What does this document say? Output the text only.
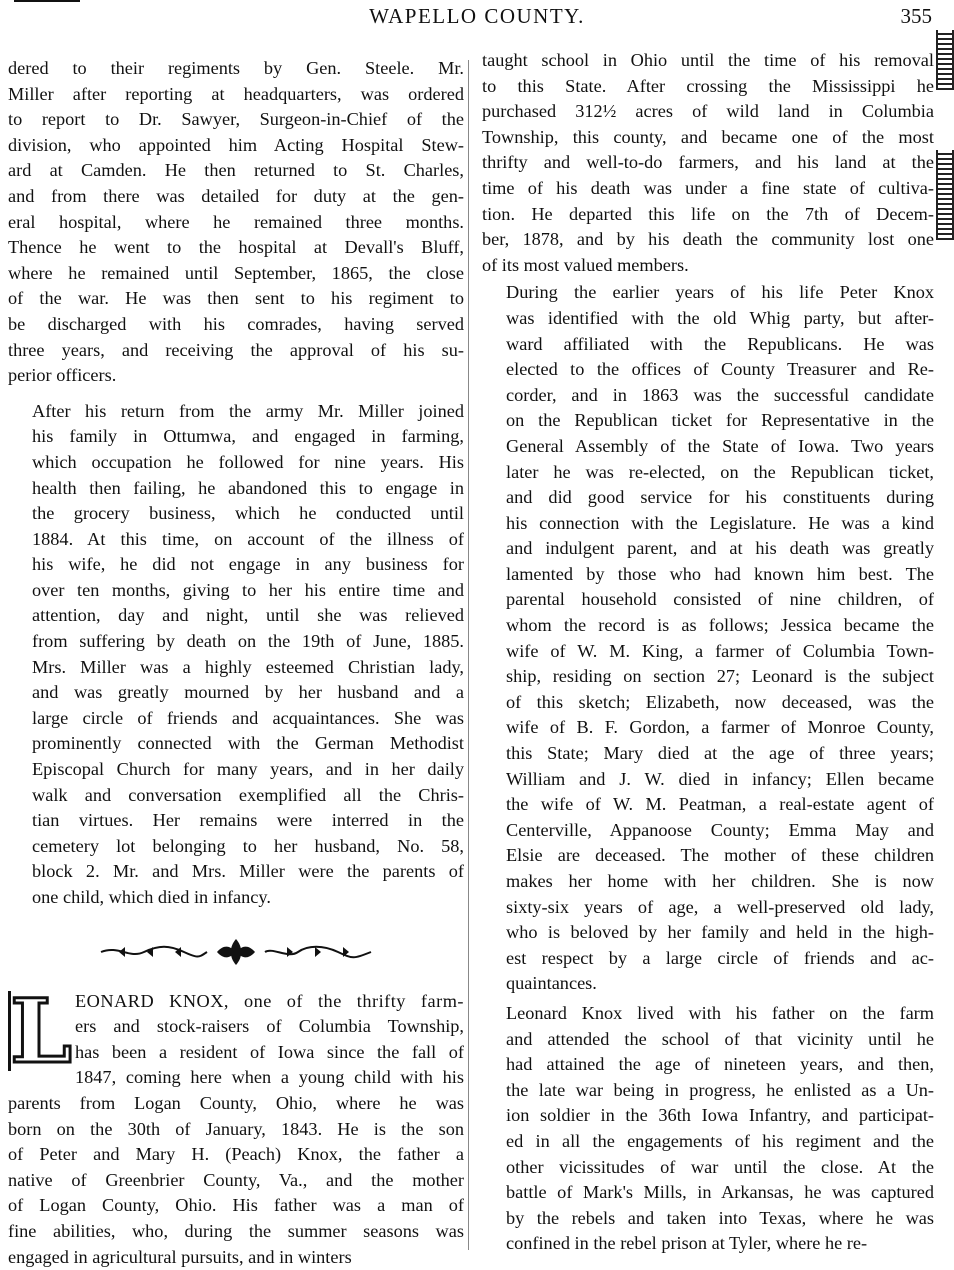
WAPELLO COUNTY.	355

dered to their regiments by Gen. Steele. Mr.
Miller after reporting at headquarters, was ordered
to report to Dr. Sawyer, Surgeon-in-Chief of the
division, who appointed him Acting Hospital Stew-
ard at Camden. He then returned to St. Charles,
and from there was detailed for duty at the gen-
eral hospital, where he remained three months.
Thence he went to the hospital at Devall's Bluff,
where he remained until September, 1865, the close
of the war. He was then sent to his regiment to
be discharged with his comrades, having served
three years, and receiving the approval of his su-
perior officers.

After his return from the army Mr. Miller joined
his family in Ottumwa, and engaged in farming,
which occupation he followed for nine years. His
health then failing, he abandoned this to engage in
the grocery business, which he conducted until
1884. At this time, on account of the illness of
his wife, he did not engage in any business for
over ten months, giving to her his entire time and
attention, day and night, until she was relieved
from suffering by death on the 19th of June, 1885.
Mrs. Miller was a highly esteemed Christian lady,
and was greatly mourned by her husband and a
large circle of friends and acquaintances. She was
prominently connected with the German Methodist
Episcopal Church for many years, and in her daily
walk and conversation exemplified all the Chris-
tian virtues. Her remains were interred in the
cemetery lot belonging to her husband, No. 58,
block 2. Mr. and Mrs. Miller were the parents of
one child, which died in infancy.

L EONARD KNOX, one of the thrifty farm-
ers and stock-raisers of Columbia Township,
has been a resident of Iowa since the fall of
1847, coming here when a young child with his
parents from Logan County, Ohio, where he was
born on the 30th of January, 1843. He is the son
of Peter and Mary H. (Peach) Knox, the father a
native of Greenbrier County, Va., and the mother
of Logan County, Ohio. His father was a man of
fine abilities, who, during the summer seasons was
engaged in agricultural pursuits, and in winters

taught school in Ohio until the time of his removal
to this State. After crossing the Mississippi he
purchased 312½ acres of wild land in Columbia
Township, this county, and became one of the most
thrifty and well-to-do farmers, and his land at the
time of his death was under a fine state of cultiva-
tion. He departed this life on the 7th of Decem-
ber, 1878, and by his death the community lost one
of its most valued members.

During the earlier years of his life Peter Knox
was identified with the old Whig party, but after-
ward affiliated with the Republicans. He was
elected to the offices of County Treasurer and Re-
corder, and in 1863 was the successful candidate
on the Republican ticket for Representative in the
General Assembly of the State of Iowa. Two years
later he was re-elected, on the Republican ticket,
and did good service for his constituents during
his connection with the Legislature. He was a kind
and indulgent parent, and at his death was greatly
lamented by those who had known him best. The
parental household consisted of nine children, of
whom the record is as follows; Jessica became the
wife of W. M. King, a farmer of Columbia Town-
ship, residing on section 27; Leonard is the subject
of this sketch; Elizabeth, now deceased, was the
wife of B. F. Gordon, a farmer of Monroe County,
this State; Mary died at the age of three years;
William and J. W. died in infancy; Ellen became
the wife of W. M. Peatman, a real-estate agent of
Centerville, Appanoose County; Emma May and
Elsie are deceased. The mother of these children
makes her home with her children. She is now
sixty-six years of age, a well-preserved old lady,
who is beloved by her family and held in the high-
est respect by a large circle of friends and ac-
quaintances.

Leonard Knox lived with his father on the farm
and attended the school of that vicinity until he
had attained the age of nineteen years, and then,
the late war being in progress, he enlisted as a Un-
ion soldier in the 36th Iowa Infantry, and participat-
ed in all the engagements of his regiment and the
other vicissitudes of war until the close. At the
battle of Mark's Mills, in Arkansas, he was captured
by the rebels and taken into Texas, where he was
confined in the rebel prison at Tyler, where he re-
